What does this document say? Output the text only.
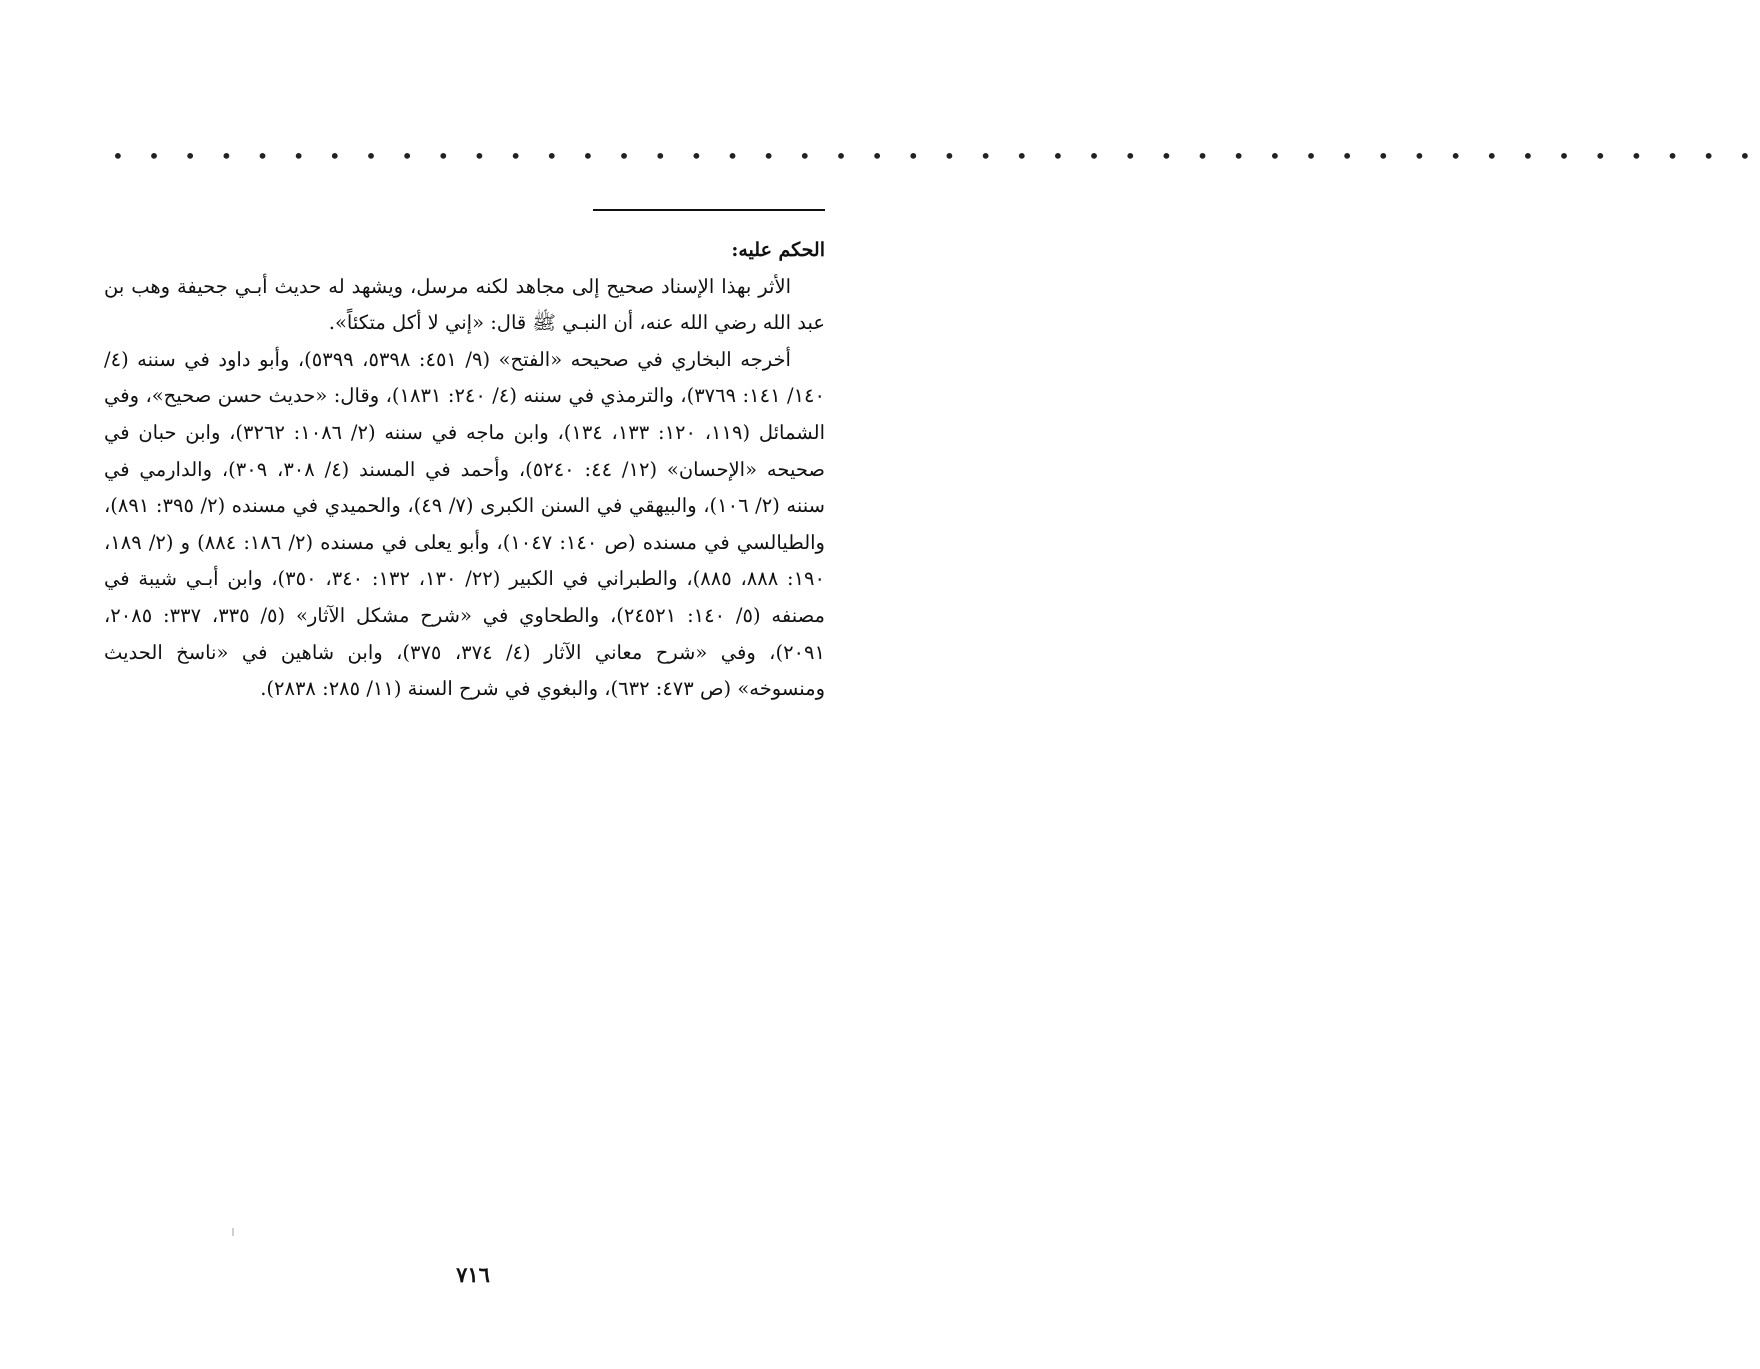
• • • • • • • • • • • • • • • • • • • • • • • • • • • • • • • • • • • • • • • • • • • • • •

الحكم عليه:

الأثر بهذا الإسناد صحيح إلى مجاهد لكنه مرسل، ويشهد له حديث أبـي جحيفة وهب بن عبد الله رضي الله عنه، أن النبـي ﷺ قال: «إني لا أكل متكئاً».

أخرجه البخاري في صحيحه «الفتح» (٩/ ٤٥١: ٥٣٩٨، ٥٣٩٩)، وأبو داود في سننه (٤/ ١٤٠/ ١٤١: ٣٧٦٩)، والترمذي في سننه (٤/ ٢٤٠: ١٨٣١)، وقال: «حديث حسن صحيح»، وفي الشمائل (١١٩، ١٢٠: ١٣٣، ١٣٤)، وابن ماجه في سننه (٢/ ١٠٨٦: ٣٢٦٢)، وابن حبان في صحيحه «الإحسان» (١٢/ ٤٤: ٥٢٤٠)، وأحمد في المسند (٤/ ٣٠٨، ٣٠٩)، والدارمي في سننه (٢/ ١٠٦)، والبيهقي في السنن الكبرى (٧/ ٤٩)، والحميدي في مسنده (٢/ ٣٩٥: ٨٩١)، والطيالسي في مسنده (ص ١٤٠: ١٠٤٧)، وأبو يعلى في مسنده (٢/ ١٨٦: ٨٨٤) و (٢/ ١٨٩، ١٩٠: ٨٨٨، ٨٨٥)، والطبراني في الكبير (٢٢/ ١٣٠، ١٣٢: ٣٤٠، ٣٥٠)، وابن أبـي شيبة في مصنفه (٥/ ١٤٠: ٢٤٥٢١)، والطحاوي في «شرح مشكل الآثار» (٥/ ٣٣٥، ٣٣٧: ٢٠٨٥، ٢٠٩١)، وفي «شرح معاني الآثار (٤/ ٣٧٤، ٣٧٥)، وابن شاهين في «ناسخ الحديث ومنسوخه» (ص ٤٧٣: ٦٣٢)، والبغوي في شرح السنة (١١/ ٢٨٥: ٢٨٣٨).

٧١٦
